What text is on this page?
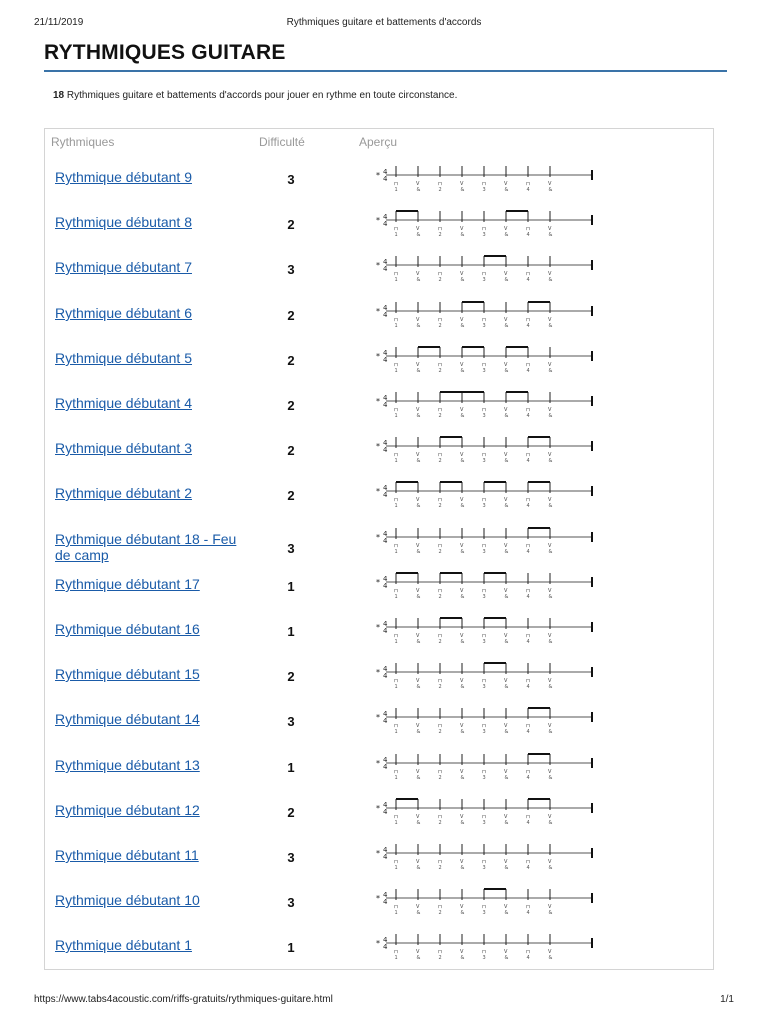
21/11/2019	Rythmiques guitare et battements d'accords
RYTHMIQUES GUITARE
18 Rythmiques guitare et battements d'accords pour jouer en rythme en toute circonstance.
Rythmiques	Difficulté	Aperçu
Rythmique débutant 9	3	4
4
*
⊓
1
V
&
⊓
2
V
&
⊓
3
V
&
⊓
4
V
&
Rythmique débutant 8	2	4
4
*
⊓
1
V
&
⊓
2
V
&
⊓
3
V
&
⊓
4
V
&
Rythmique débutant 7	3	4
4
*
⊓
1
V
&
⊓
2
V
&
⊓
3
V
&
⊓
4
V
&
Rythmique débutant 6	2	4
4
*
⊓
1
V
&
⊓
2
V
&
⊓
3
V
&
⊓
4
V
&
Rythmique débutant 5	2	4
4
*
⊓
1
V
&
⊓
2
V
&
⊓
3
V
&
⊓
4
V
&
Rythmique débutant 4	2	4
4
*
⊓
1
V
&
⊓
2
V
&
⊓
3
V
&
⊓
4
V
&
Rythmique débutant 3	2	4
4
*
⊓
1
V
&
⊓
2
V
&
⊓
3
V
&
⊓
4
V
&
Rythmique débutant 2	2	4
4
*
⊓
1
V
&
⊓
2
V
&
⊓
3
V
&
⊓
4
V
&
Rythmique débutant 18 - Feu de camp	3
4
4
*
⊓
1
V
&
⊓
2
V
&
⊓
3
V
&
⊓
4
V
&
Rythmique débutant 17	1	4
4
*
⊓
1
V
&
⊓
2
V
&
⊓
3
V
&
⊓
4
V
&
Rythmique débutant 16	1	4
4
*
⊓
1
V
&
⊓
2
V
&
⊓
3
V
&
⊓
4
V
&
Rythmique débutant 15	2	4
4
*
⊓
1
V
&
⊓
2
V
&
⊓
3
V
&
⊓
4
V
&
Rythmique débutant 14	3	4
4
*
⊓
1
V
&
⊓
2
V
&
⊓
3
V
&
⊓
4
V
&
Rythmique débutant 13	1	4
4
*
⊓
1
V
&
⊓
2
V
&
⊓
3
V
&
⊓
4
V
&
Rythmique débutant 12	2	4
4
*
⊓
1
V
&
⊓
2
V
&
⊓
3
V
&
⊓
4
V
&
Rythmique débutant 11	3	4
4
*
⊓
1
V
&
⊓
2
V
&
⊓
3
V
&
⊓
4
V
&
Rythmique débutant 10	3	4
4
*
⊓
1
V
&
⊓
2
V
&
⊓
3
V
&
⊓
4
V
&
Rythmique débutant 1	1	4
4
*
⊓
1
V
&
⊓
2
V
&
⊓
3
V
&
⊓
4
V
&
https://www.tabs4acoustic.com/riffs-gratuits/rythmiques-guitare.html	1/1
